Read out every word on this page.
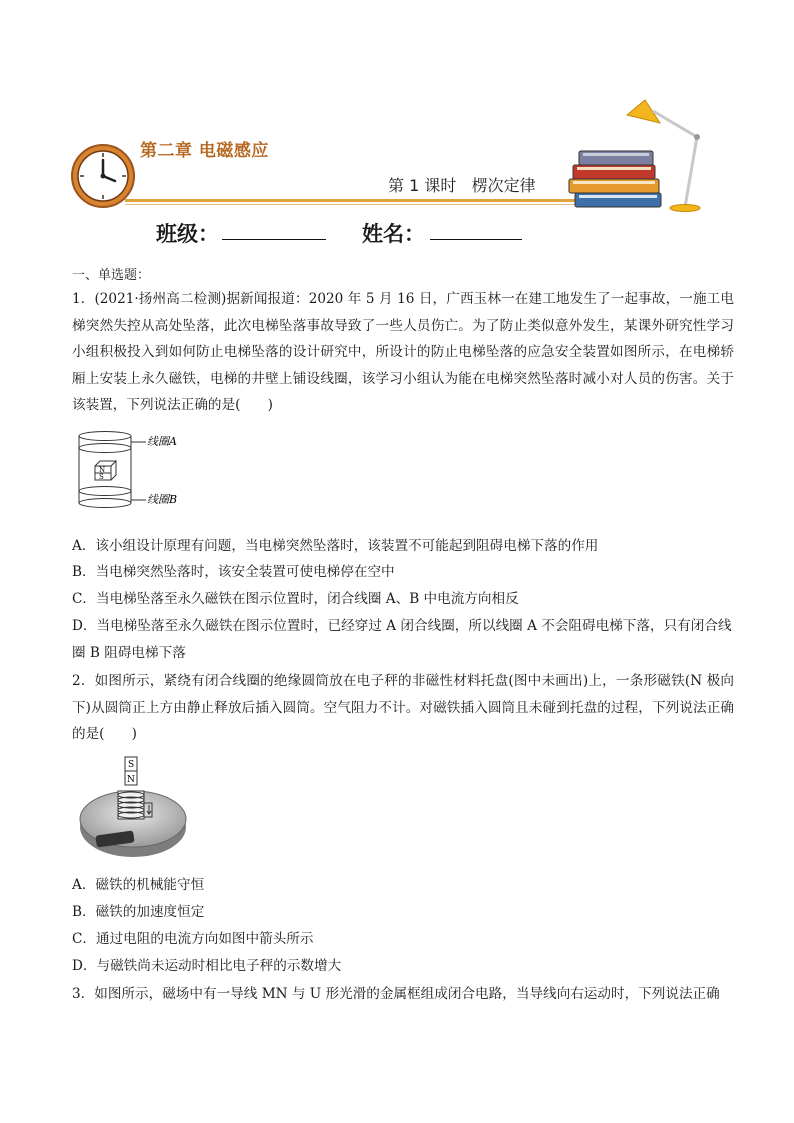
第二章 电磁感应
第 1 课时   楞次定律
班级：	姓名：
一、单选题：
1．(2021·扬州高二检测)据新闻报道：2020 年 5 月 16 日，广西玉林一在建工地发生了一起事故，一施工电梯突然失控从高处坠落，此次电梯坠落事故导致了一些人员伤亡。为了防止类似意外发生，某课外研究性学习小组积极投入到如何防止电梯坠落的设计研究中，所设计的防止电梯坠落的应急安全装置如图所示，在电梯轿厢上安装上永久磁铁，电梯的井壁上铺设线圈，该学习小组认为能在电梯突然坠落时减小对人员的伤害。关于该装置，下列说法正确的是(　　)
N
S
线圈A
线圈B
A．该小组设计原理有问题，当电梯突然坠落时，该装置不可能起到阻碍电梯下落的作用
B．当电梯突然坠落时，该安全装置可使电梯停在空中
C．当电梯坠落至永久磁铁在图示位置时，闭合线圈 A、B 中电流方向相反
D．当电梯坠落至永久磁铁在图示位置时，已经穿过 A 闭合线圈，所以线圈 A 不会阻碍电梯下落，只有闭合线圈 B 阻碍电梯下落
2．如图所示，紧绕有闭合线圈的绝缘圆筒放在电子秤的非磁性材料托盘(图中未画出)上，一条形磁铁(N 极向下)从圆筒正上方由静止释放后插入圆筒。空气阻力不计。对磁铁插入圆筒且未碰到托盘的过程，下列说法正确的是(　　)
S
N
A．磁铁的机械能守恒
B．磁铁的加速度恒定
C．通过电阻的电流方向如图中箭头所示
D．与磁铁尚未运动时相比电子秤的示数增大
3．如图所示，磁场中有一导线 MN 与 U 形光滑的金属框组成闭合电路，当导线向右运动时，下列说法正确
